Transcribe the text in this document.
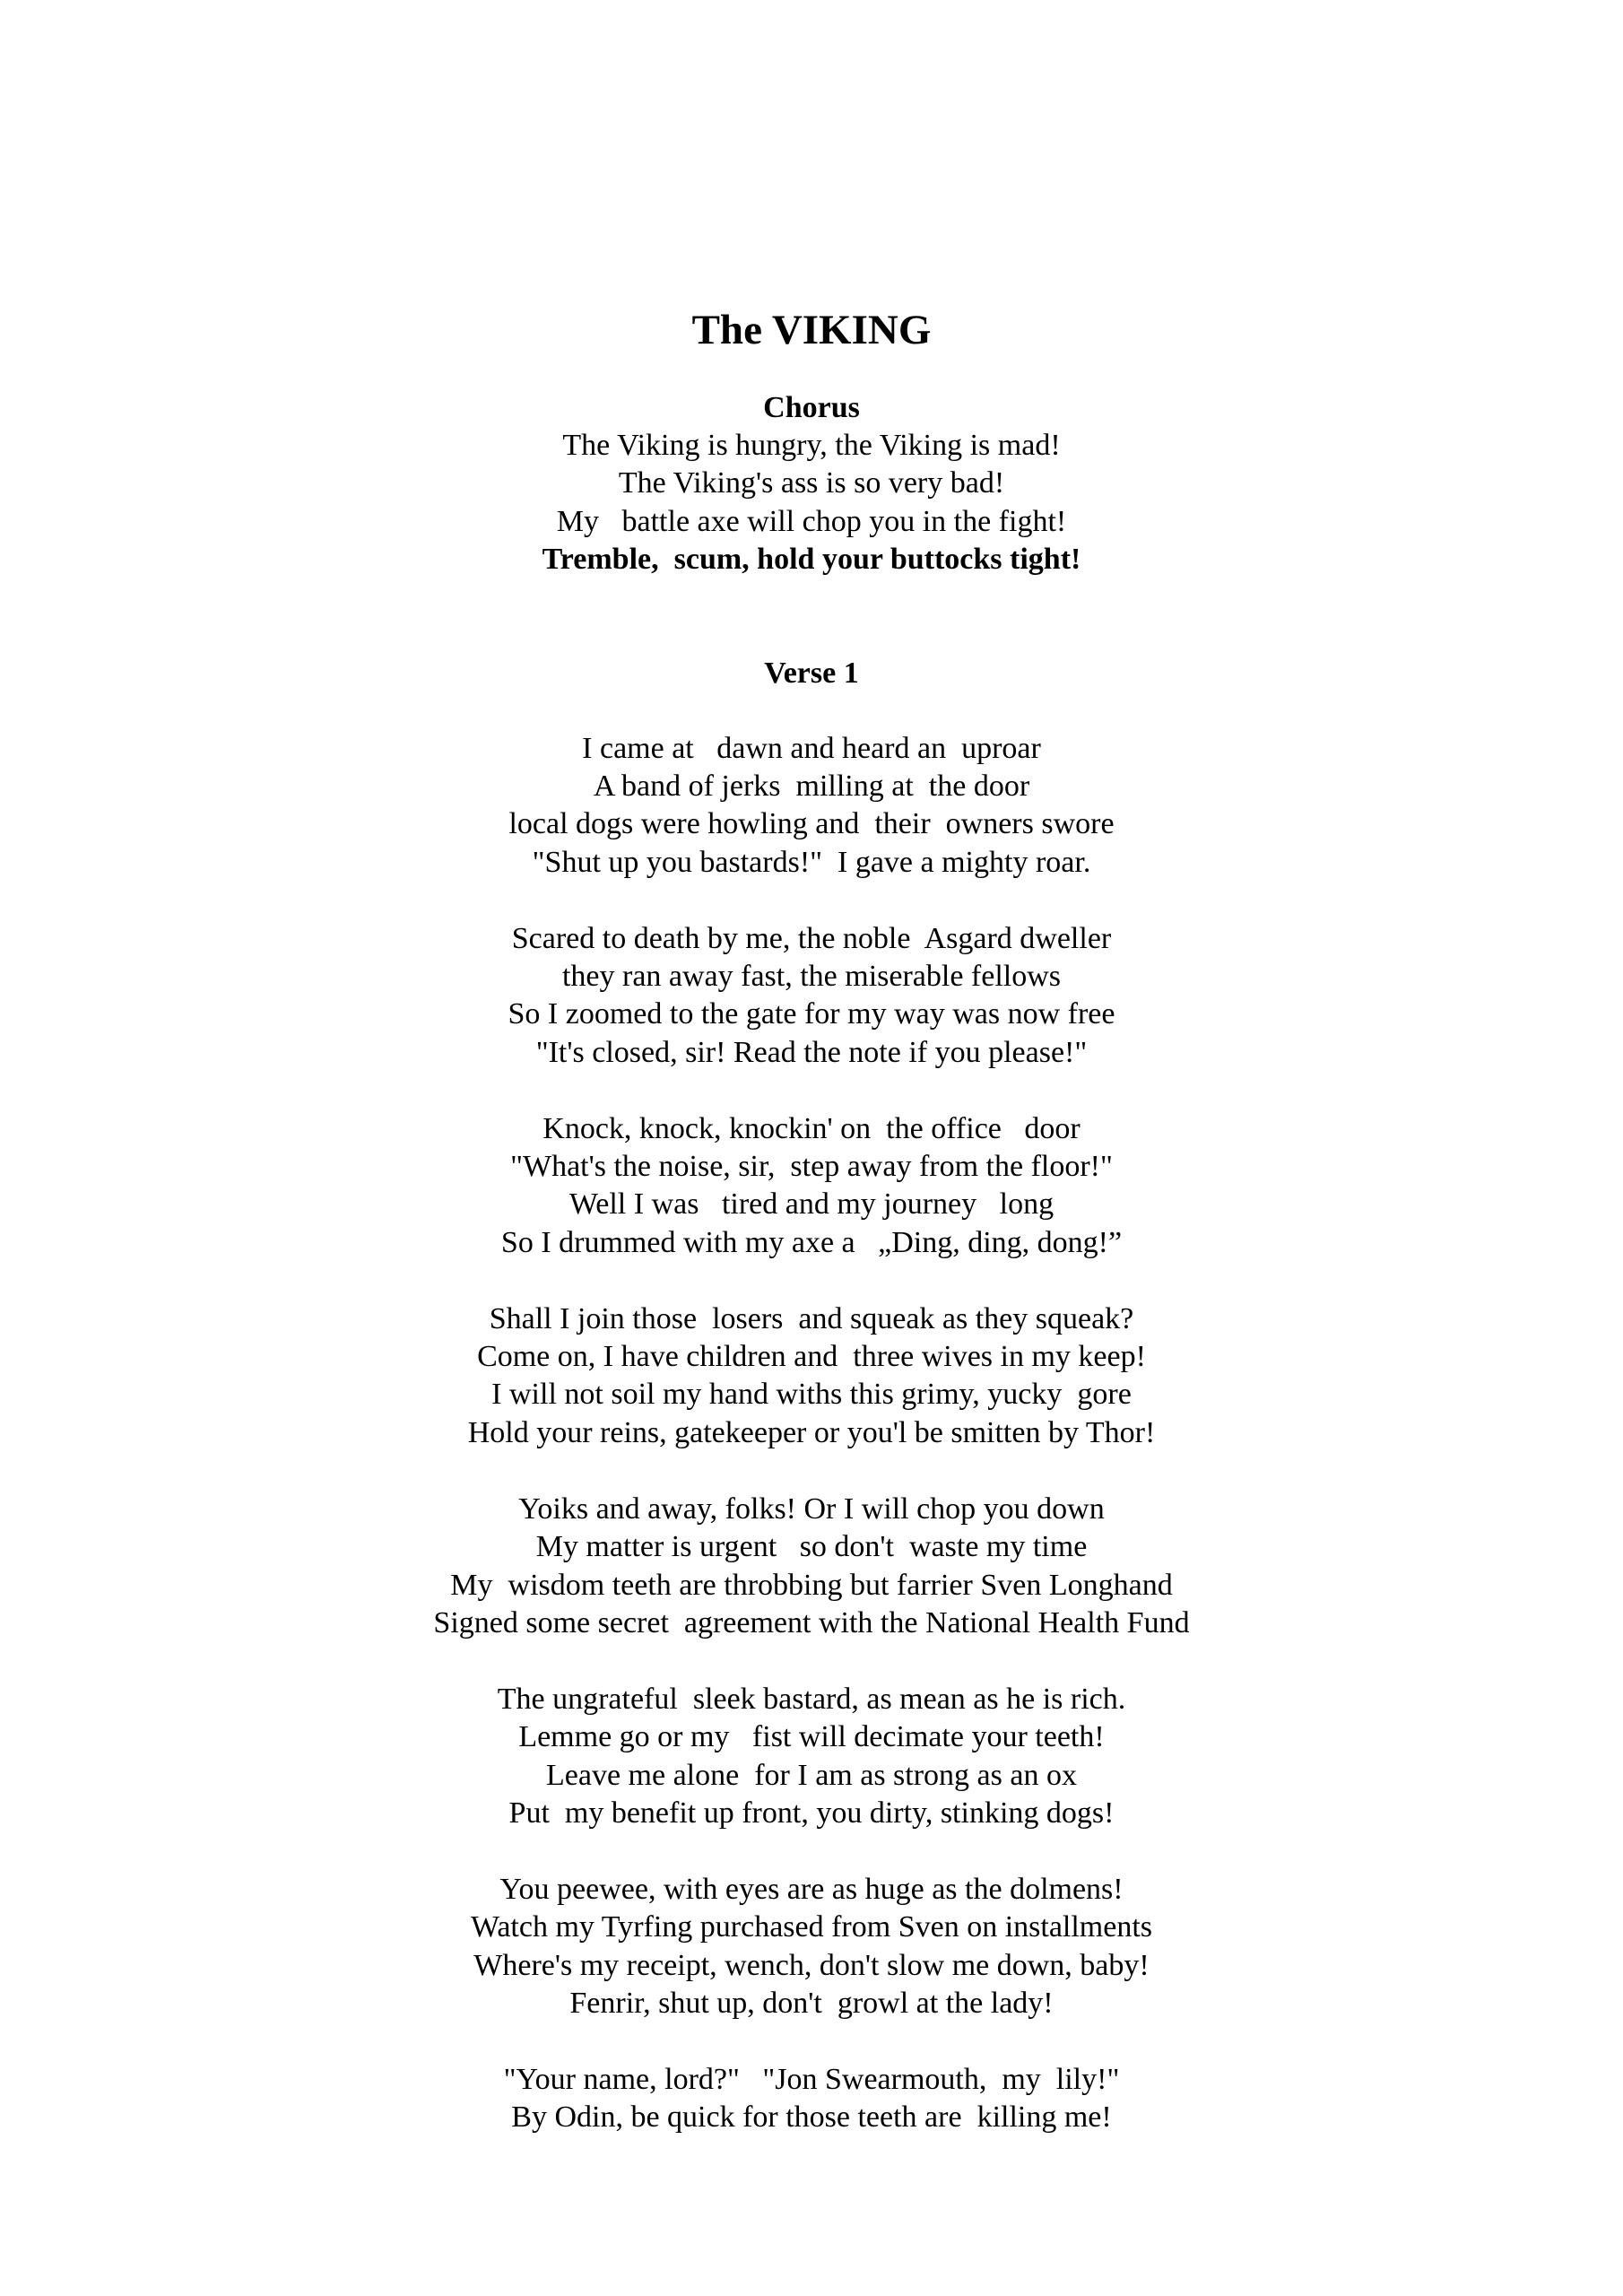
The VIKING
Chorus
The Viking is hungry, the Viking is mad!
The Viking's ass is so very bad!
My   battle axe will chop you in the fight!
Tremble,  scum, hold your buttocks tight!
Verse 1
I came at   dawn and heard an  uproar
A band of jerks  milling at  the door
local dogs were howling and  their  owners swore
"Shut up you bastards!"  I gave a mighty roar.
Scared to death by me, the noble  Asgard dweller
they ran away fast, the miserable fellows
So I zoomed to the gate for my way was now free
"It's closed, sir! Read the note if you please!"
Knock, knock, knockin' on  the office   door
"What's the noise, sir,  step away from the floor!"
Well I was   tired and my journey   long
So I drummed with my axe a   „Ding, ding, dong!”
Shall I join those  losers  and squeak as they squeak?
Come on, I have children and  three wives in my keep!
I will not soil my hand withs this grimy, yucky  gore
Hold your reins, gatekeeper or you'l be smitten by Thor!
Yoiks and away, folks! Or I will chop you down
My matter is urgent   so don't  waste my time
My  wisdom teeth are throbbing but farrier Sven Longhand
Signed some secret  agreement with the National Health Fund
The ungrateful  sleek bastard, as mean as he is rich.
Lemme go or my   fist will decimate your teeth!
Leave me alone  for I am as strong as an ox
Put  my benefit up front, you dirty, stinking dogs!
You peewee, with eyes are as huge as the dolmens!
Watch my Tyrfing purchased from Sven on installments
Where's my receipt, wench, don't slow me down, baby!
Fenrir, shut up, don't  growl at the lady!
"Your name, lord?"   "Jon Swearmouth,  my  lily!"
By Odin, be quick for those teeth are  killing me!
